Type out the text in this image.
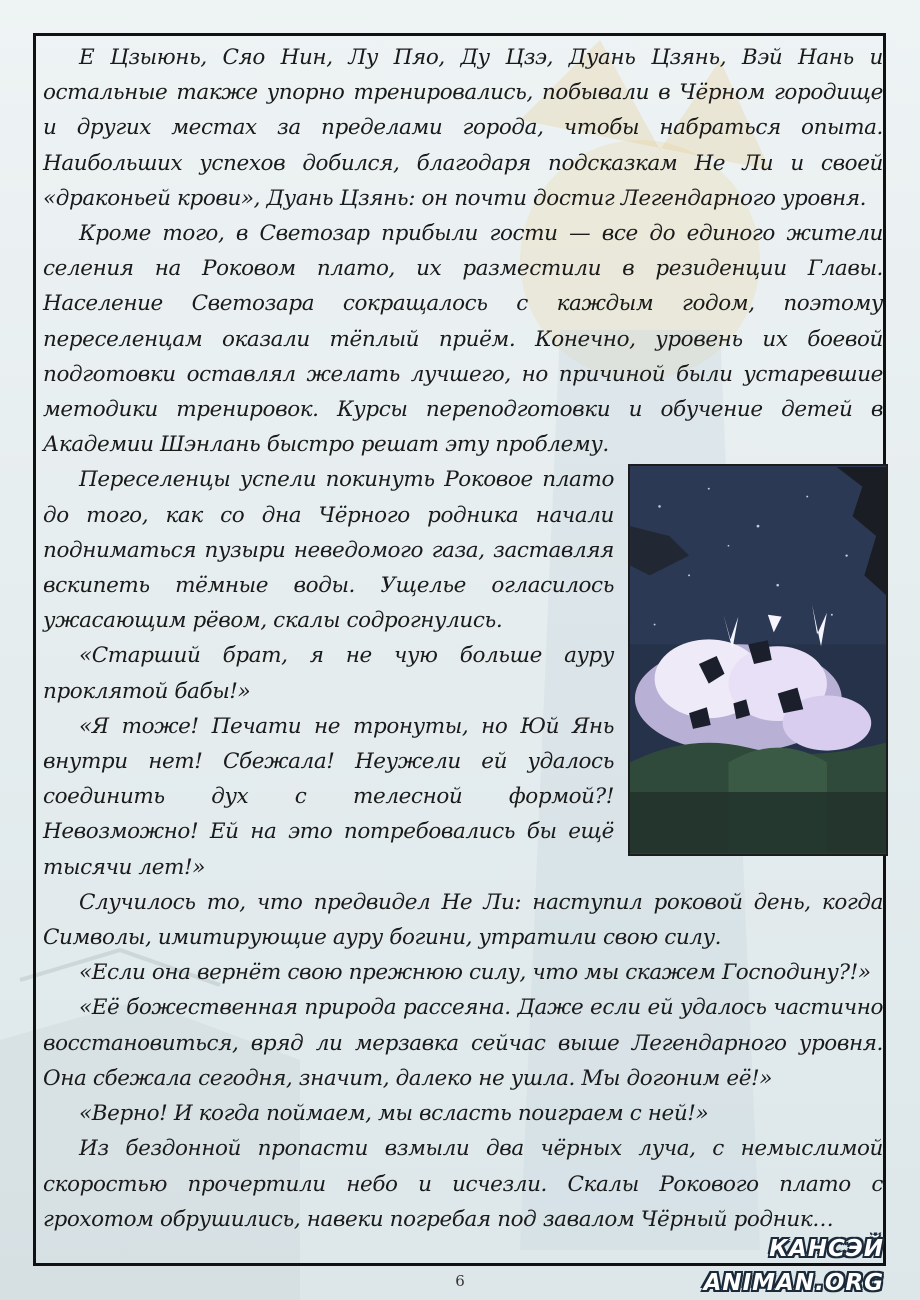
Е Цзыюнь, Сяо Нин, Лу Пяо, Ду Цзэ, Дуань Цзянь, Вэй Нань и остальные также упорно тренировались, побывали в Чёрном городище и других местах за пределами города, чтобы набраться опыта. Наибольших успехов добился, благодаря подсказкам Не Ли и своей «драконьей крови», Дуань Цзянь: он почти достиг Легендарного уровня.

Кроме того, в Светозар прибыли гости — все до единого жители селения на Роковом плато, их разместили в резиденции Главы. Население Светозара сокращалось с каждым годом, поэтому переселенцам оказали тёплый приём. Конечно, уровень их боевой подготовки оставлял желать лучшего, но причиной были устаревшие методики тренировок. Курсы переподготовки и обучение детей в Академии Шэнлань быстро решат эту проблему.

Переселенцы успели покинуть Роковое плато до того, как со дна Чёрного родника начали подниматься пузыри неведомого газа, заставляя вскипеть тёмные воды. Ущелье огласилось ужасающим рёвом, скалы содрогнулись.

«Старший брат, я не чую больше ауру проклятой бабы!»

«Я тоже! Печати не тронуты, но Юй Янь внутри нет! Сбежала! Неужели ей удалось соединить дух с телесной формой?! Невозможно! Ей на это потребовались бы ещё тысячи лет!»

Случилось то, что предвидел Не Ли: наступил роковой день, когда Символы, имитирующие ауру богини, утратили свою силу.

«Если она вернёт свою прежнюю силу, что мы скажем Господину?!»

«Её божественная природа рассеяна. Даже если ей удалось частично восстановиться, вряд ли мерзавка сейчас выше Легендарного уровня. Она сбежала сегодня, значит, далеко не ушла. Мы догоним её!»

«Верно! И когда поймаем, мы всласть поиграем с ней!»

Из бездонной пропасти взмыли два чёрных луча, с немыслимой скоростью прочертили небо и исчезли. Скалы Рокового плато с грохотом обрушились, навеки погребая под завалом Чёрный родник…

КАНСЭЙ ANIMAN.ORG
6
